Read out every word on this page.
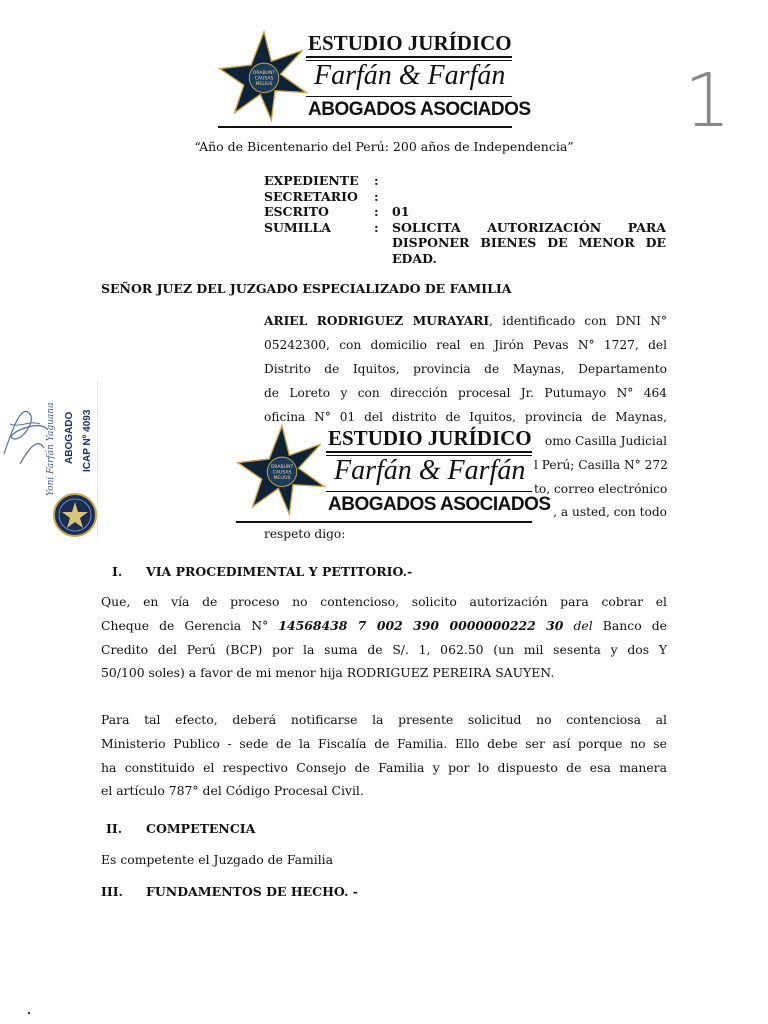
ORABUNT
CAUSAS
MELIUS
ESTUDIO JURÍDICO
Farfán & Farfán
ABOGADOS ASOCIADOS 1
“Año de Bicentenario del Perú: 200 años de Independencia”
EXPEDIENTE :
SECRETARIO :
ESCRITO	: 01
SUMILLA	: SOLICITA AUTORIZACIÓN PARA
DISPONER BIENES DE MENOR DE
EDAD.
SEÑOR JUEZ DEL JUZGADO ESPECIALIZADO DE FAMILIA
ARIEL RODRIGUEZ MURAYARI, identificado con DNI N°
05242300, con domicilio real en Jirón Pevas N° 1727, del
Distrito de Iquitos, provincia de Maynas, Departamento
de Loreto y con dirección procesal Jr. Putumayo N° 464
oficina N° 01 del distrito de Iquitos, provincia de Maynas,
omo Casilla Judicial
l Perú; Casilla N° 272
to, correo electrónico
, a usted, con todo
respeto digo:
ORABUNT
CAUSAS
MELIUS
ESTUDIO JURÍDICO
Farfán & Farfán
ABOGADOS ASOCIADOS
Yoni Farfán Yaguana ABOGADO ICAP Nº 4093
I. VIA PROCEDIMENTAL Y PETITORIO.-
Que, en vía de proceso no contencioso, solicito autorización para cobrar el
Cheque de Gerencia N° 14568438 7 002 390 0000000222 30 del Banco de
Credito del Perú (BCP) por la suma de S/. 1, 062.50 (un mil sesenta y dos Y
50/100 soles) a favor de mi menor hija RODRIGUEZ PEREIRA SAUYEN.
Para tal efecto, deberá notificarse la presente solicitud no contenciosa al
Ministerio Publico - sede de la Fiscalía de Familia. Ello debe ser así porque no se
ha constituido el respectivo Consejo de Familia y por lo dispuesto de esa manera
el artículo 787° del Código Procesal Civil.
II. COMPETENCIA
Es competente el Juzgado de Familia
III. FUNDAMENTOS DE HECHO. -
